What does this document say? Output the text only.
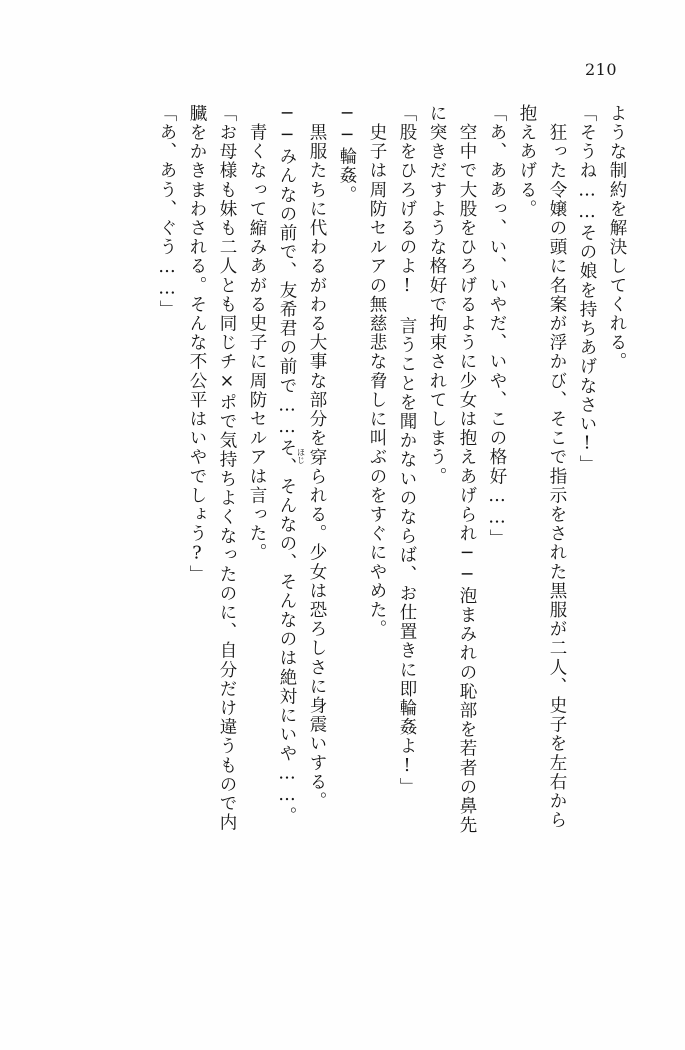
210
ような制約を解決してくれる。
「そうね……その娘を持ちあげなさい!」
　狂った令嬢の頭に名案が浮かび、そこで指示をされた黒服が二人、史子を左右から
抱えあげる。
「あ、ああっ、い、いやだ、いや、この格好……」
　空中で大股をひろげるように少女は抱えあげられ──泡まみれの恥部を若者の鼻先
に突きだすような格好で拘束されてしまう。
「股をひろげるのよ!　言うことを聞かないのならば、お仕置きに即輪姦よ!」
　史子は周防セルアの無慈悲な脅しに叫ぶのをすぐにやめた。
──輪姦。
　黒服たちに代わるがわる大事な部分を穿
ほじ
られる。少女は恐ろしさに身震いする。
──みんなの前で、友希君の前で……そ、そんなの、そんなのは絶対にいや……。
　青くなって縮みあがる史子に周防セルアは言った。
「お母様も妹も二人とも同じチ×ポで気持ちよくなったのに、自分だけ違うもので内
臓をかきまわされる。そんな不公平はいやでしょう?」
「あ、あう、ぐう……」
